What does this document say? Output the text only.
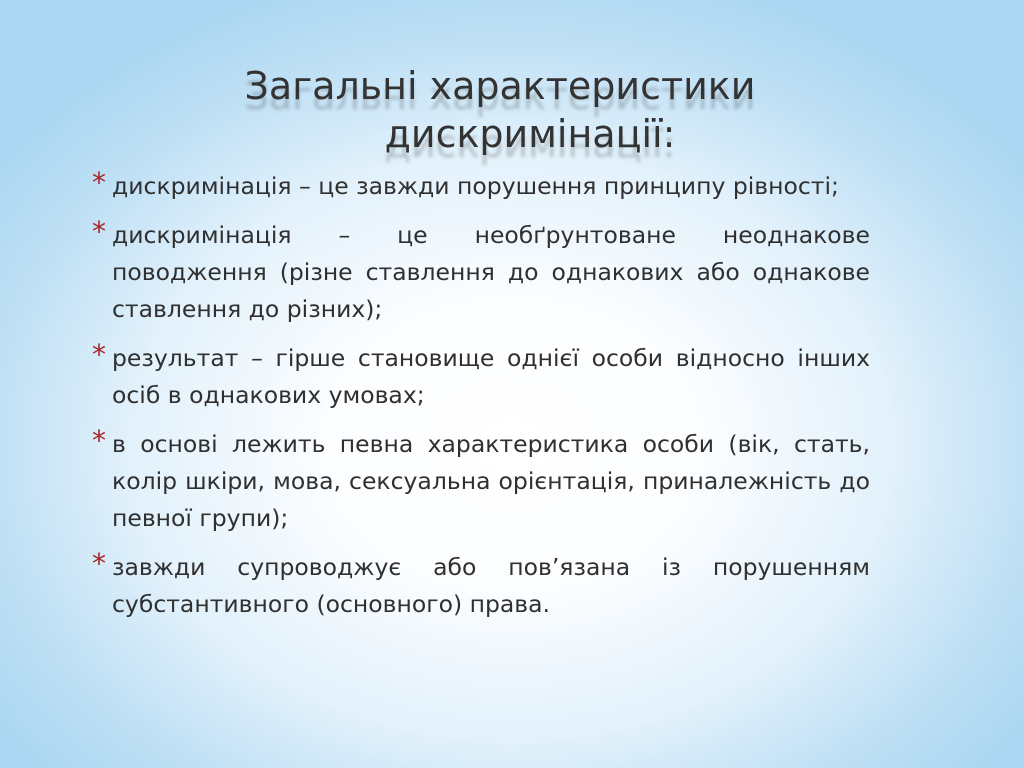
Загальні характеристики
дискримінації:
* дискримінація – це завжди порушення принципу рівності;
* дискримінація – це необґрунтоване неоднакове поводження (різне ставлення до однакових або однакове ставлення до різних);
* результат – гірше становище однієї особи відносно інших осіб в однакових умовах;
* в основі лежить певна характеристика особи (вік, стать, колір шкіри, мова, сексуальна орієнтація, приналежність до певної групи);
* завжди супроводжує або пов’язана із порушенням субстантивного (основного) права.
